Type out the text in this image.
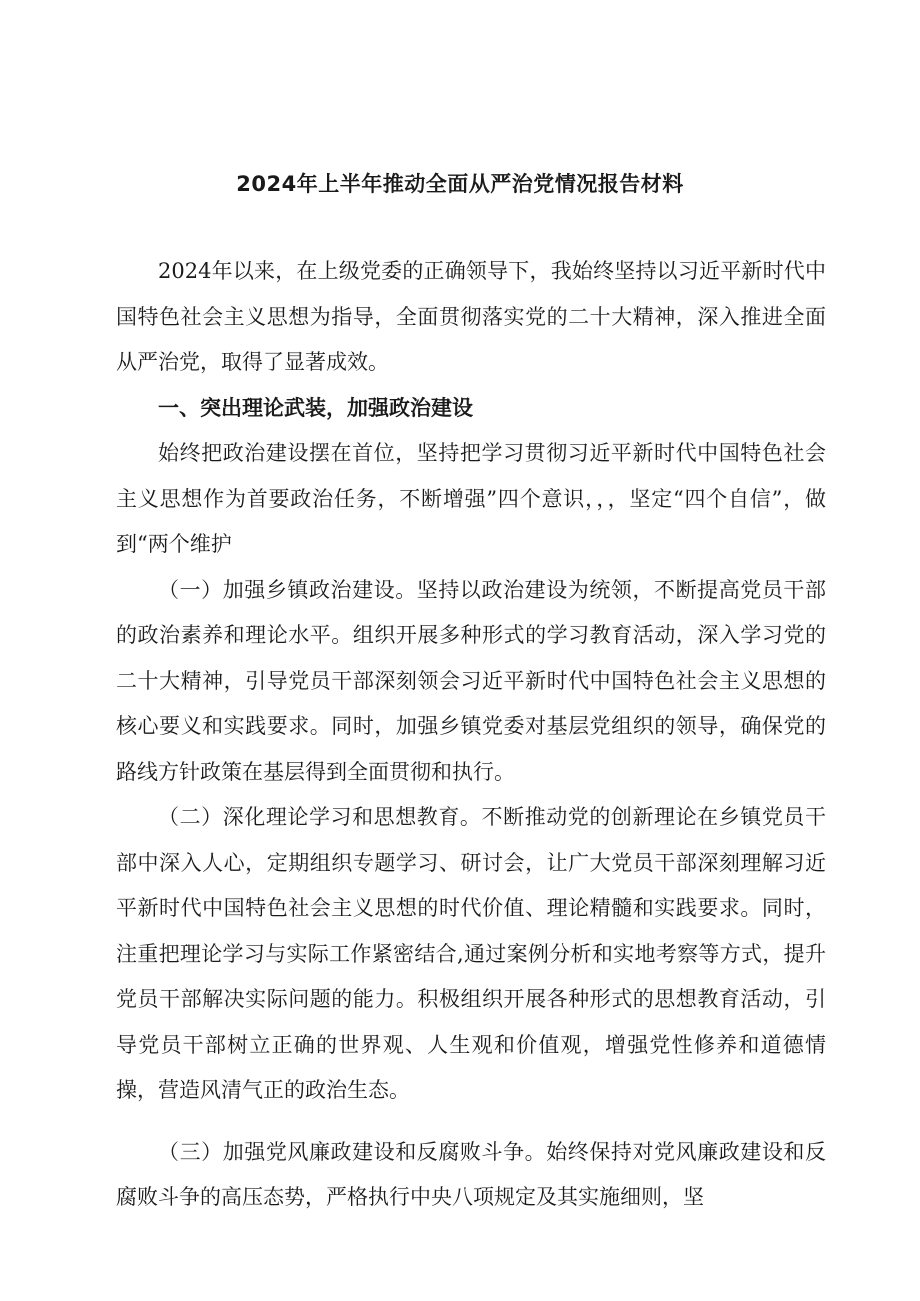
2024年上半年推动全面从严治党情况报告材料

2024年以来，在上级党委的正确领导下，我始终坚持以习近平新时代中国特色社会主义思想为指导，全面贯彻落实党的二十大精神，深入推进全面从严治党，取得了显著成效。

一、突出理论武装，加强政治建设

始终把政治建设摆在首位，坚持把学习贯彻习近平新时代中国特色社会主义思想作为首要政治任务，不断增强”四个意识，，，坚定“四个自信”，做到“两个维护

（一）加强乡镇政治建设。坚持以政治建设为统领，不断提高党员干部的政治素养和理论水平。组织开展多种形式的学习教育活动，深入学习党的二十大精神，引导党员干部深刻领会习近平新时代中国特色社会主义思想的核心要义和实践要求。同时，加强乡镇党委对基层党组织的领导，确保党的路线方针政策在基层得到全面贯彻和执行。

（二）深化理论学习和思想教育。不断推动党的创新理论在乡镇党员干部中深入人心，定期组织专题学习、研讨会，让广大党员干部深刻理解习近平新时代中国特色社会主义思想的时代价值、理论精髓和实践要求。同时，注重把理论学习与实际工作紧密结合,通过案例分析和实地考察等方式，提升党员干部解决实际问题的能力。积极组织开展各种形式的思想教育活动，引导党员干部树立正确的世界观、人生观和价值观，增强党性修养和道德情操，营造风清气正的政治生态。

（三）加强党风廉政建设和反腐败斗争。始终保持对党风廉政建设和反腐败斗争的高压态势，严格执行中央八项规定及其实施细则，坚
